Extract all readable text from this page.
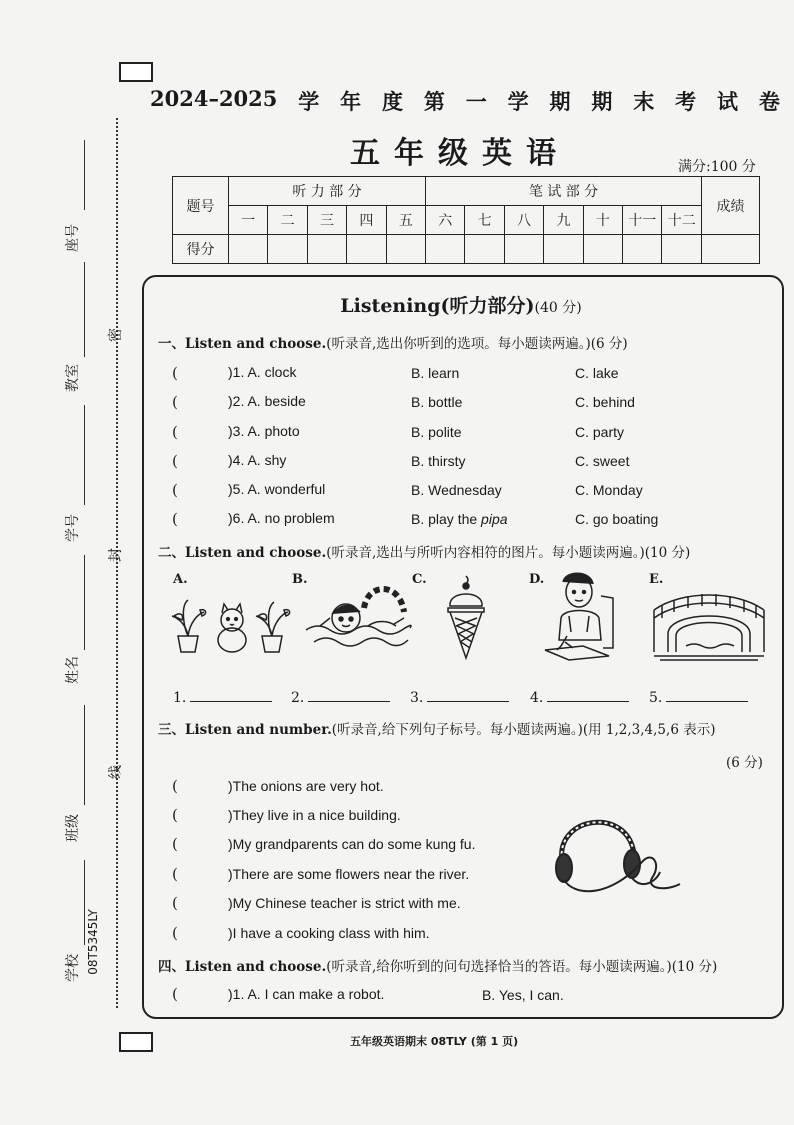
密
封
线
座号
教室
学号
姓名
班级
学校 08T5345LY
2024–2025 学 年 度 第 一 学 期 期 末 考 试 卷
五年级英语	满分:100 分
题号	听 力 部 分					笔 试 部 分							成绩
	一	二	三	四	五	六	七	八	九	十	十一	十二	
得分													
Listening(听力部分)(40 分)
一、Listen and choose.(听录音,选出你听到的选项。每小题读两遍。)(6 分)
(	)1. A. clock	B. learn	C. lake
(	)2. A. beside	B. bottle	C. behind
(	)3. A. photo	B. polite	C. party
(	)4. A. shy	B. thirsty	C. sweet
(	)5. A. wonderful	B. Wednesday	C. Monday
(	)6. A. no problem	B. play the pipa	C. go boating
二、Listen and choose.(听录音,选出与所听内容相符的图片。每小题读两遍。)(10 分)
A.	B.	C.	D.	E.
1.	2.	3.	4.	5.
三、Listen and number.(听录音,给下列句子标号。每小题读两遍。)(用 1,2,3,4,5,6 表示)
(6 分)
(	)The onions are very hot.
(	)They live in a nice building.
(	)My grandparents can do some kung fu.
(	)There are some flowers near the river.
(	)My Chinese teacher is strict with me.
(	)I have a cooking class with him.
四、Listen and choose.(听录音,给你听到的问句选择恰当的答语。每小题读两遍。)(10 分)
(	)1. A. I can make a robot.	B. Yes, I can.
五年级英语期末 08TLY (第 1 页)
